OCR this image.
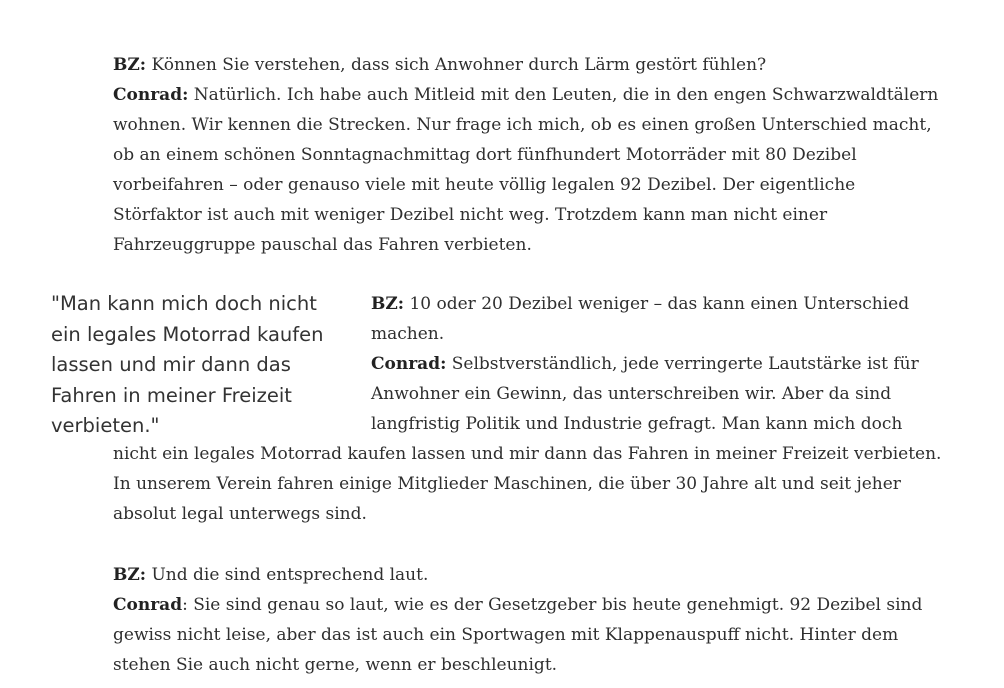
BZ: Können Sie verstehen, dass sich Anwohner durch Lärm gestört fühlen?
Conrad: Natürlich. Ich habe auch Mitleid mit den Leuten, die in den engen Schwarzwaldtälern wohnen. Wir kennen die Strecken. Nur frage ich mich, ob es einen großen Unterschied macht, ob an einem schönen Sonntagnachmittag dort fünfhundert Motorräder mit 80 Dezibel vorbeifahren – oder genauso viele mit heute völlig legalen 92 Dezibel. Der eigentliche Störfaktor ist auch mit weniger Dezibel nicht weg. Trotzdem kann man nicht einer Fahrzeuggruppe pauschal das Fahren verbieten.

"Man kann mich doch nicht ein legales Motorrad kaufen lassen und mir dann das Fahren in meiner Freizeit verbieten."
BZ: 10 oder 20 Dezibel weniger – das kann einen Unterschied machen.
Conrad: Selbstverständlich, jede verringerte Lautstärke ist für Anwohner ein Gewinn, das unterschreiben wir. Aber da sind langfristig Politik und Industrie gefragt. Man kann mich doch nicht ein legales Motorrad kaufen lassen und mir dann das Fahren in meiner Freizeit verbieten. In unserem Verein fahren einige Mitglieder Maschinen, die über 30 Jahre alt und seit jeher absolut legal unterwegs sind.

BZ: Und die sind entsprechend laut.
Conrad: Sie sind genau so laut, wie es der Gesetzgeber bis heute genehmigt. 92 Dezibel sind gewiss nicht leise, aber das ist auch ein Sportwagen mit Klappenauspuff nicht. Hinter dem stehen Sie auch nicht gerne, wenn er beschleunigt.
